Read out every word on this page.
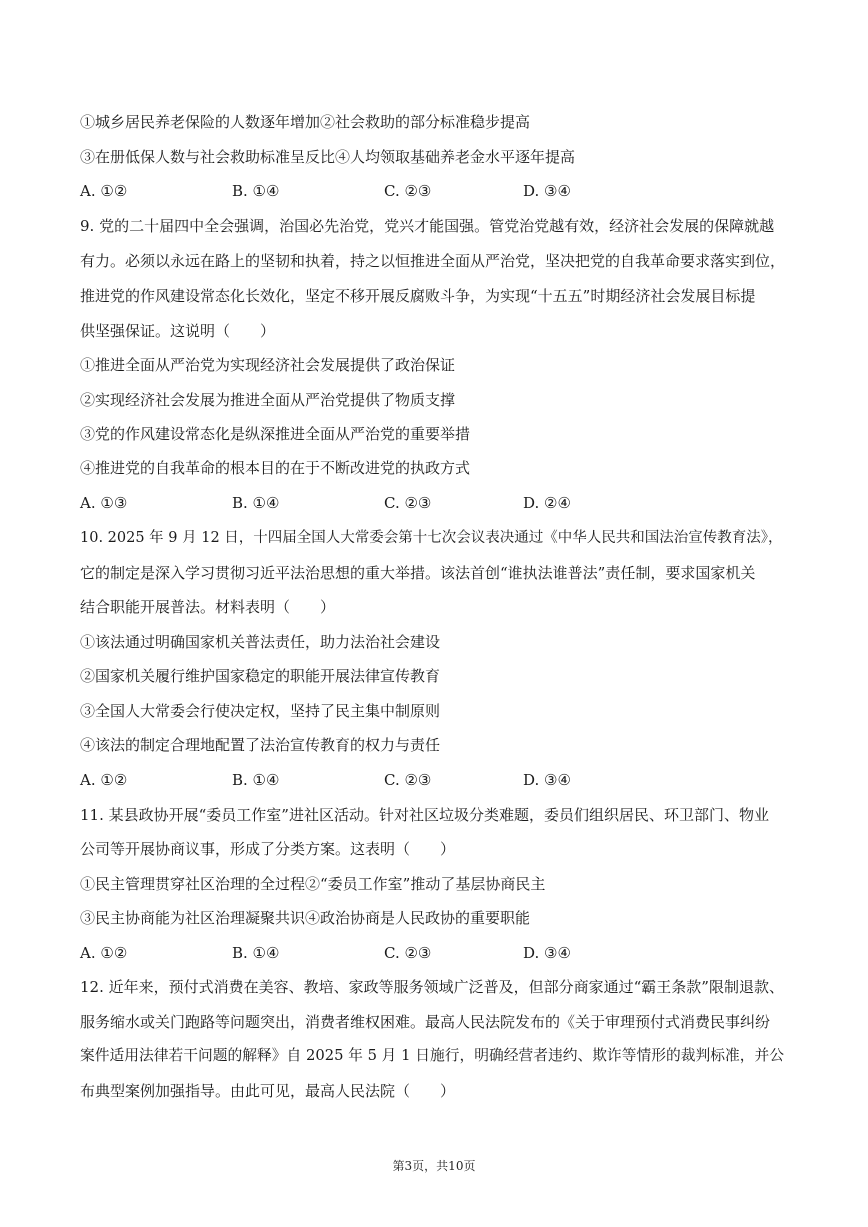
①城乡居民养老保险的人数逐年增加②社会救助的部分标准稳步提高
③在册低保人数与社会救助标准呈反比④人均领取基础养老金水平逐年提高
A. ①②	B. ①④	C. ②③	D. ③④
9. 党的二十届四中全会强调，治国必先治党，党兴才能国强。管党治党越有效，经济社会发展的保障就越
有力。必须以永远在路上的坚韧和执着，持之以恒推进全面从严治党，坚决把党的自我革命要求落实到位，
推进党的作风建设常态化长效化，坚定不移开展反腐败斗争，为实现“十五五”时期经济社会发展目标提
供坚强保证。这说明（　　）
①推进全面从严治党为实现经济社会发展提供了政治保证
②实现经济社会发展为推进全面从严治党提供了物质支撑
③党的作风建设常态化是纵深推进全面从严治党的重要举措
④推进党的自我革命的根本目的在于不断改进党的执政方式
A. ①③	B. ①④	C. ②③	D. ②④
10. 2025 年 9 月 12 日，十四届全国人大常委会第十七次会议表决通过《中华人民共和国法治宣传教育法》，
它的制定是深入学习贯彻习近平法治思想的重大举措。该法首创“谁执法谁普法”责任制，要求国家机关
结合职能开展普法。材料表明（　　）
①该法通过明确国家机关普法责任，助力法治社会建设
②国家机关履行维护国家稳定的职能开展法律宣传教育
③全国人大常委会行使决定权，坚持了民主集中制原则
④该法的制定合理地配置了法治宣传教育的权力与责任
A. ①②	B. ①④	C. ②③	D. ③④
11. 某县政协开展“委员工作室”进社区活动。针对社区垃圾分类难题，委员们组织居民、环卫部门、物业
公司等开展协商议事，形成了分类方案。这表明（　　）
①民主管理贯穿社区治理的全过程②“委员工作室”推动了基层协商民主
③民主协商能为社区治理凝聚共识④政治协商是人民政协的重要职能
A. ①②	B. ①④	C. ②③	D. ③④
12. 近年来，预付式消费在美容、教培、家政等服务领域广泛普及，但部分商家通过“霸王条款”限制退款、
服务缩水或关门跑路等问题突出，消费者维权困难。最高人民法院发布的《关于审理预付式消费民事纠纷
案件适用法律若干问题的解释》自 2025 年 5 月 1 日施行，明确经营者违约、欺诈等情形的裁判标准，并公
布典型案例加强指导。由此可见，最高人民法院（　　）
第3页，共10页
